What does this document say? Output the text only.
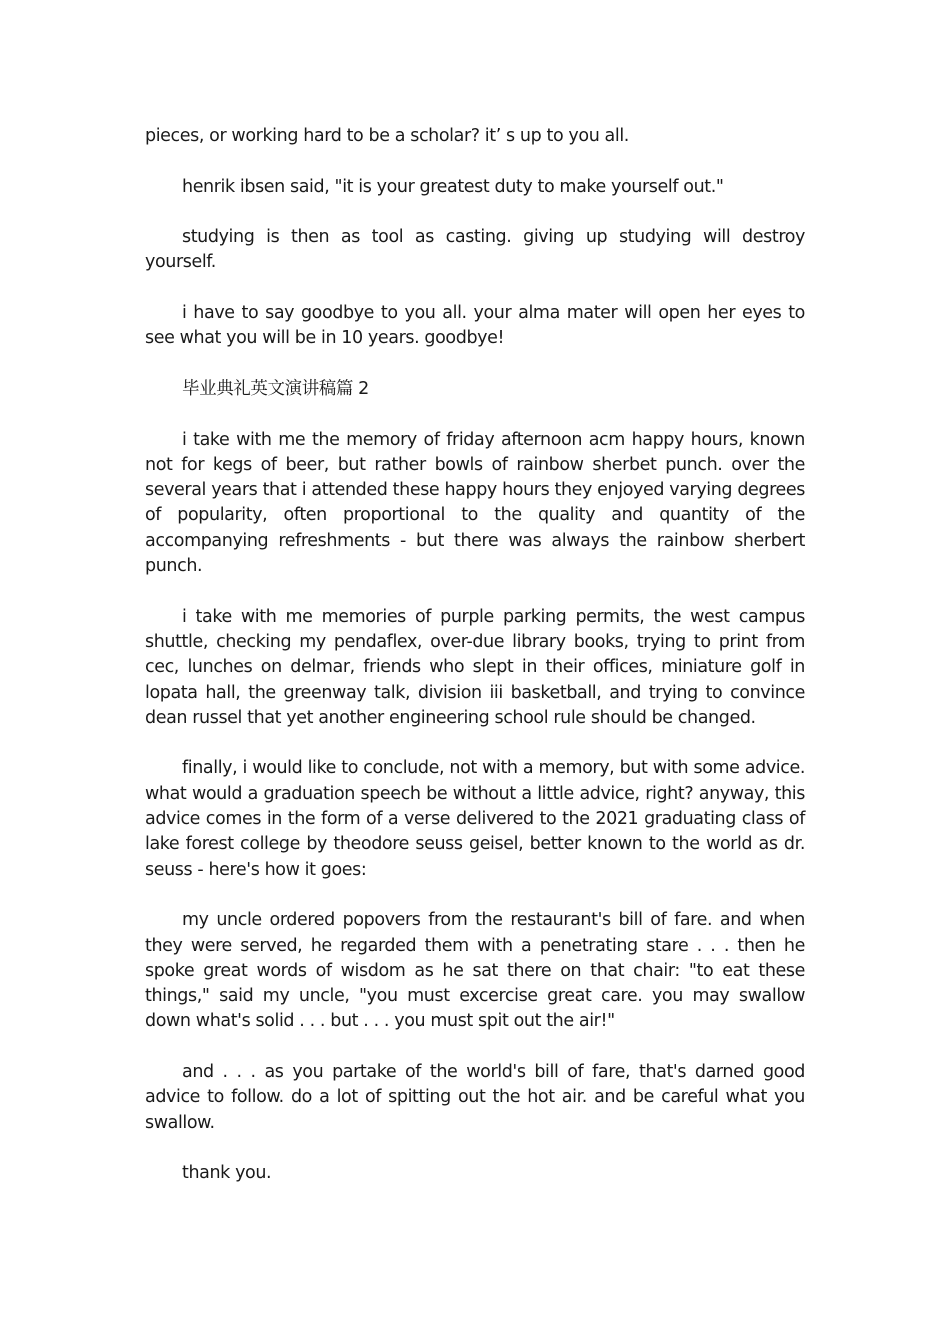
pieces, or working hard to be a scholar? it’ s up to you all.

henrik ibsen said, "it is your greatest duty to make yourself out."

studying is then as tool as casting. giving up studying will destroy yourself.

i have to say goodbye to you all. your alma mater will open her eyes to see what you will be in 10 years. goodbye!

毕业典礼英文演讲稿篇 2

i take with me the memory of friday afternoon acm happy hours, known not for kegs of beer, but rather bowls of rainbow sherbet punch. over the several years that i attended these happy hours they enjoyed varying degrees of popularity, often proportional to the quality and quantity of the accompanying refreshments - but there was always the rainbow sherbert punch.

i take with me memories of purple parking permits, the west campus shuttle, checking my pendaflex, over-due library books, trying to print from cec, lunches on delmar, friends who slept in their offices, miniature golf in lopata hall, the greenway talk, division iii basketball, and trying to convince dean russel that yet another engineering school rule should be changed.

finally, i would like to conclude, not with a memory, but with some advice. what would a graduation speech be without a little advice, right? anyway, this advice comes in the form of a verse delivered to the 2021 graduating class of lake forest college by theodore seuss geisel, better known to the world as dr. seuss - here's how it goes:

my uncle ordered popovers from the restaurant's bill of fare. and when they were served, he regarded them with a penetrating stare . . . then he spoke great words of wisdom as he sat there on that chair: "to eat these things," said my uncle, "you must excercise great care. you may swallow down what's solid . . . but . . . you must spit out the air!"

and . . . as you partake of the world's bill of fare, that's darned good advice to follow. do a lot of spitting out the hot air. and be careful what you swallow.

thank you.
